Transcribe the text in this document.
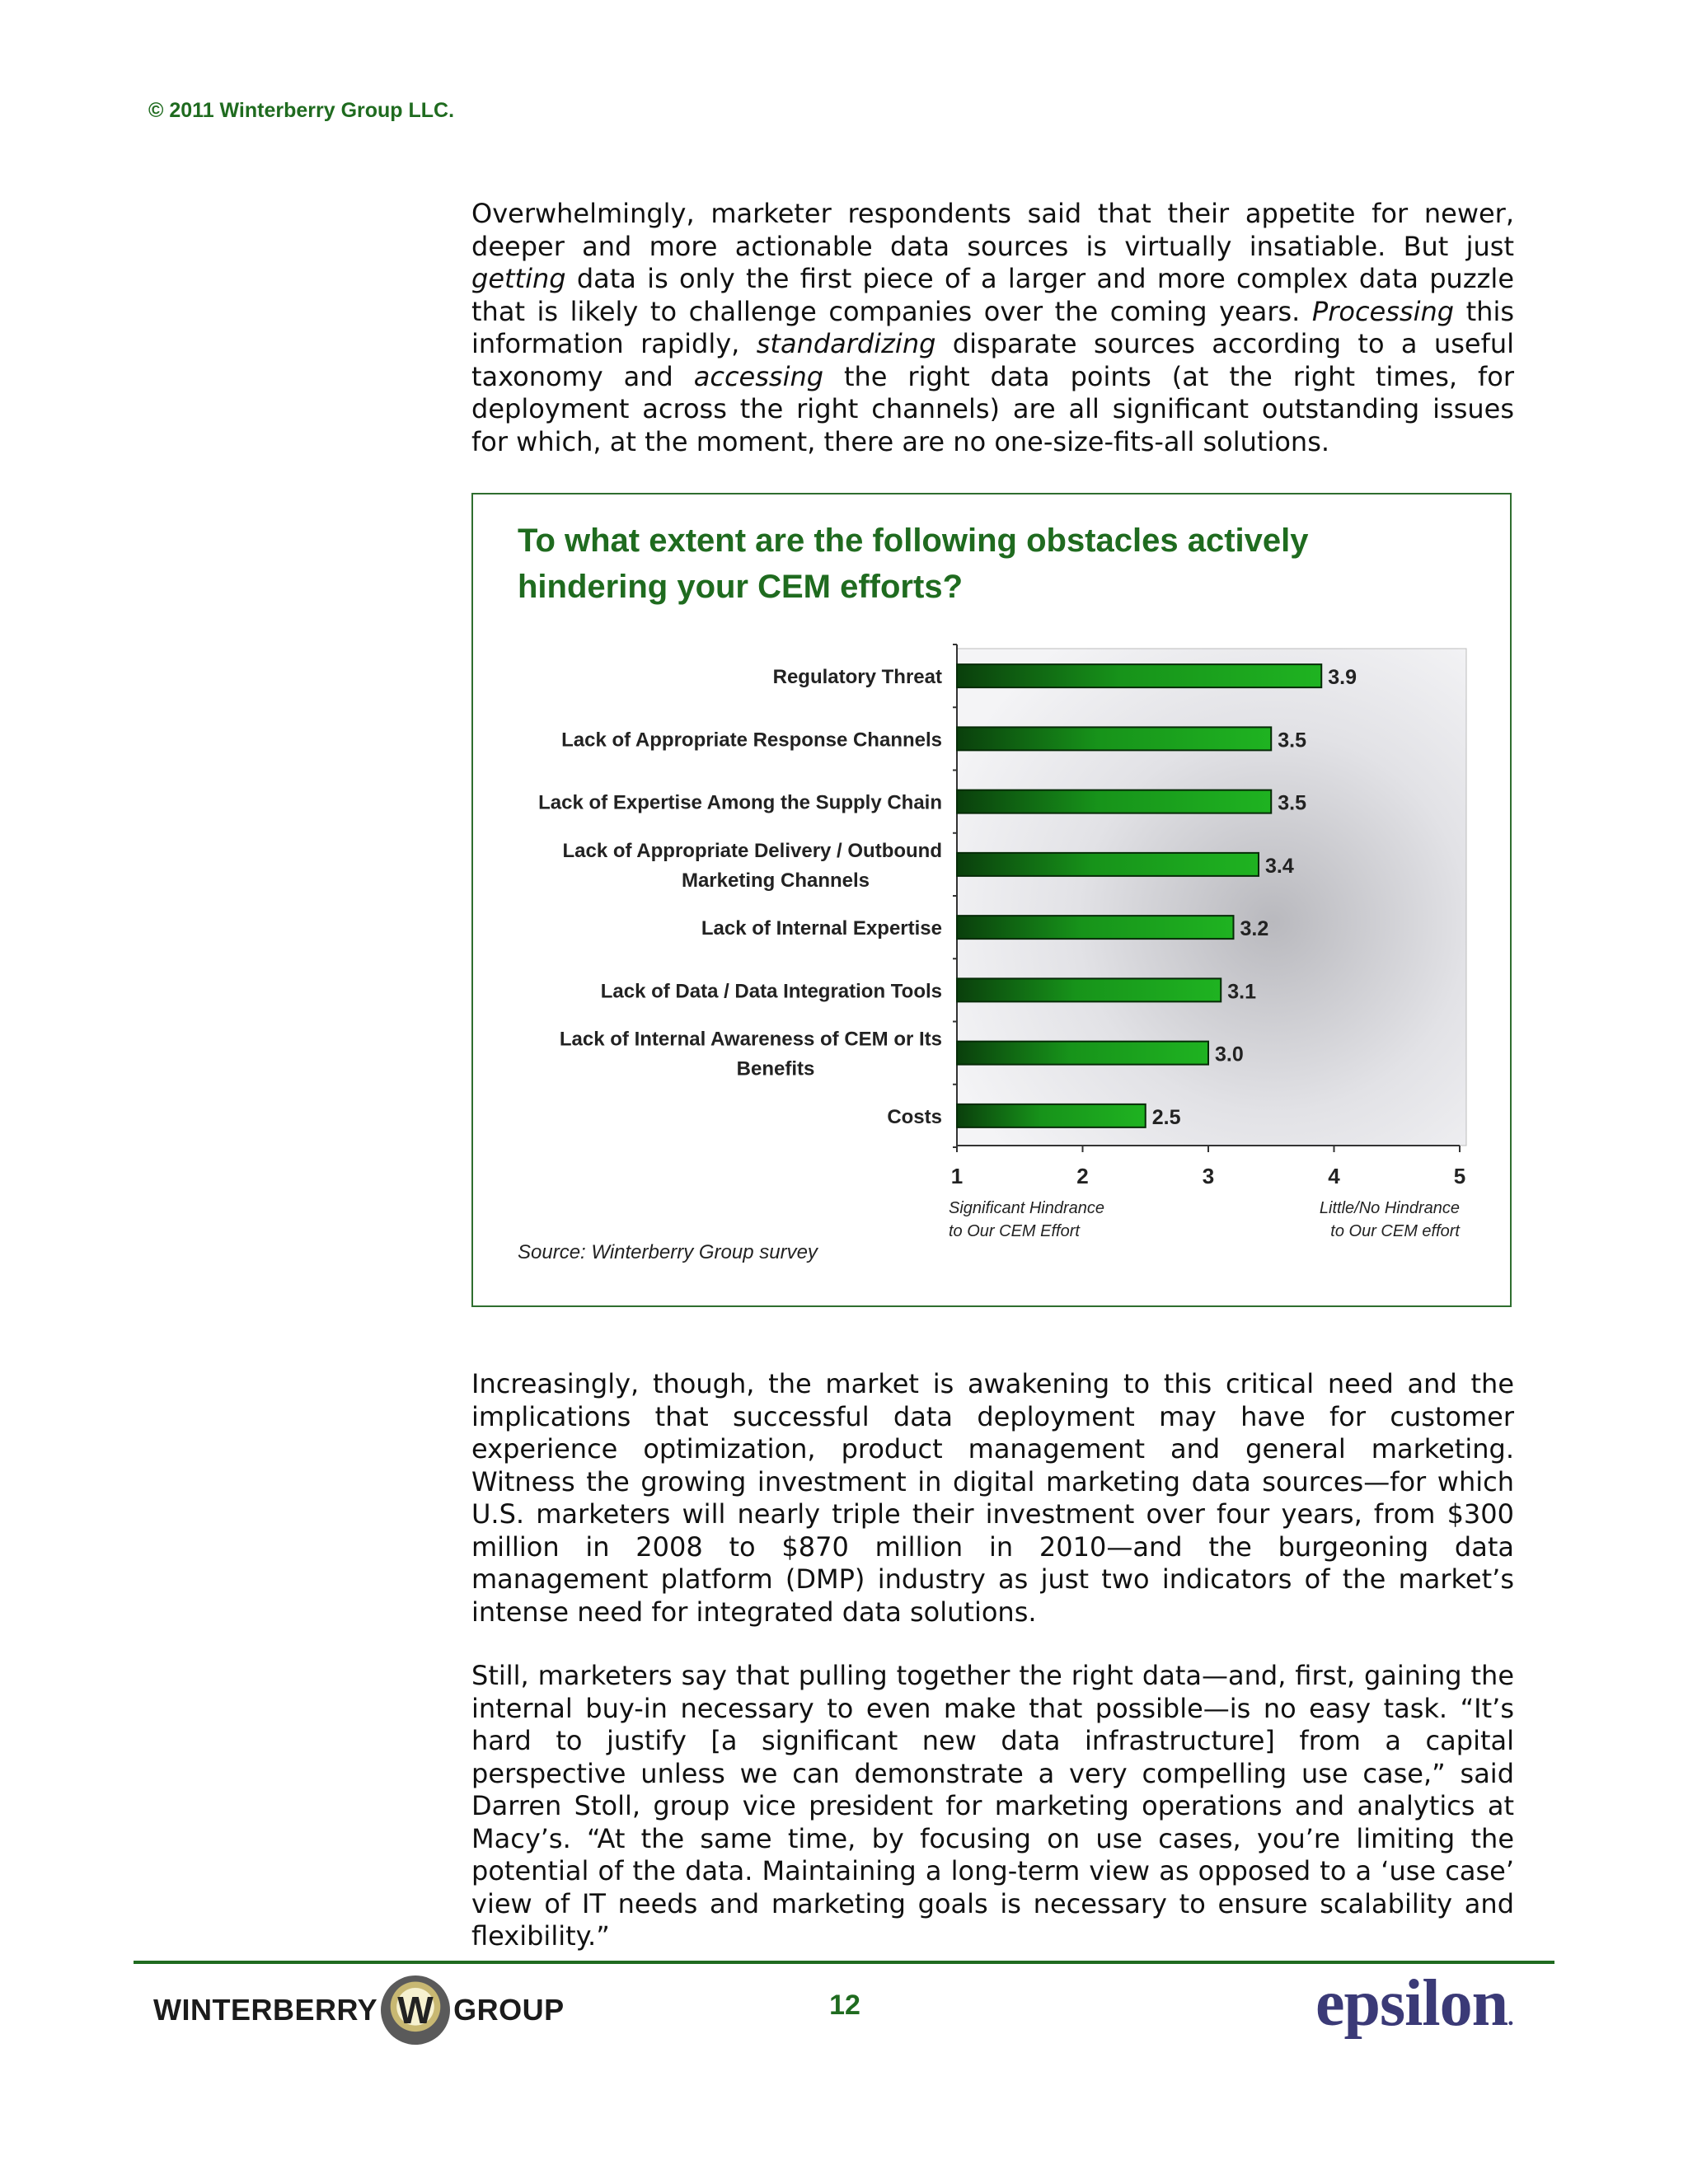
© 2011 Winterberry Group LLC.
Overwhelmingly, marketer respondents said that their appetite for newer, deeper and more actionable data sources is virtually insatiable. But just getting data is only the first piece of a larger and more complex data puzzle that is likely to challenge companies over the coming years. Processing this information rapidly, standardizing disparate sources according to a useful taxonomy and accessing the right data points (at the right times, for deployment across the right channels) are all significant outstanding issues for which, at the moment, there are no one-size-fits-all solutions.
To what extent are the following obstacles actively hindering your CEM efforts?
3.9
Regulatory Threat
3.5
Lack of Appropriate Response Channels
3.5
Lack of Expertise Among the Supply Chain
3.4
Lack of Appropriate Delivery / Outbound
Marketing Channels
3.2
Lack of Internal Expertise
3.1
Lack of Data / Data Integration Tools
3.0
Lack of Internal Awareness of CEM or Its
Benefits
2.5
Costs
1	2	3	4	5
Significant Hindrance
to Our CEM Effort
Little/No Hindrance
to Our CEM effort
Source: Winterberry Group survey
Increasingly, though, the market is awakening to this critical need and the implications that successful data deployment may have for customer experience optimization, product management and general marketing. Witness the growing investment in digital marketing data sources—for which U.S. marketers will nearly triple their investment over four years, from $300 million in 2008 to $870 million in 2010—and the burgeoning data management platform (DMP) industry as just two indicators of the market’s intense need for integrated data solutions.
Still, marketers say that pulling together the right data—and, first, gaining the internal buy-in necessary to even make that possible—is no easy task. “It’s hard to justify [a significant new data infrastructure] from a capital perspective unless we can demonstrate a very compelling use case,” said Darren Stoll, group vice president for marketing operations and analytics at Macy’s. “At the same time, by focusing on use cases, you’re limiting the potential of the data. Maintaining a long-term view as opposed to a ‘use case’ view of IT needs and marketing goals is necessary to ensure scalability and flexibility.”
WINTERBERRY W GROUP	12	epsilon.
